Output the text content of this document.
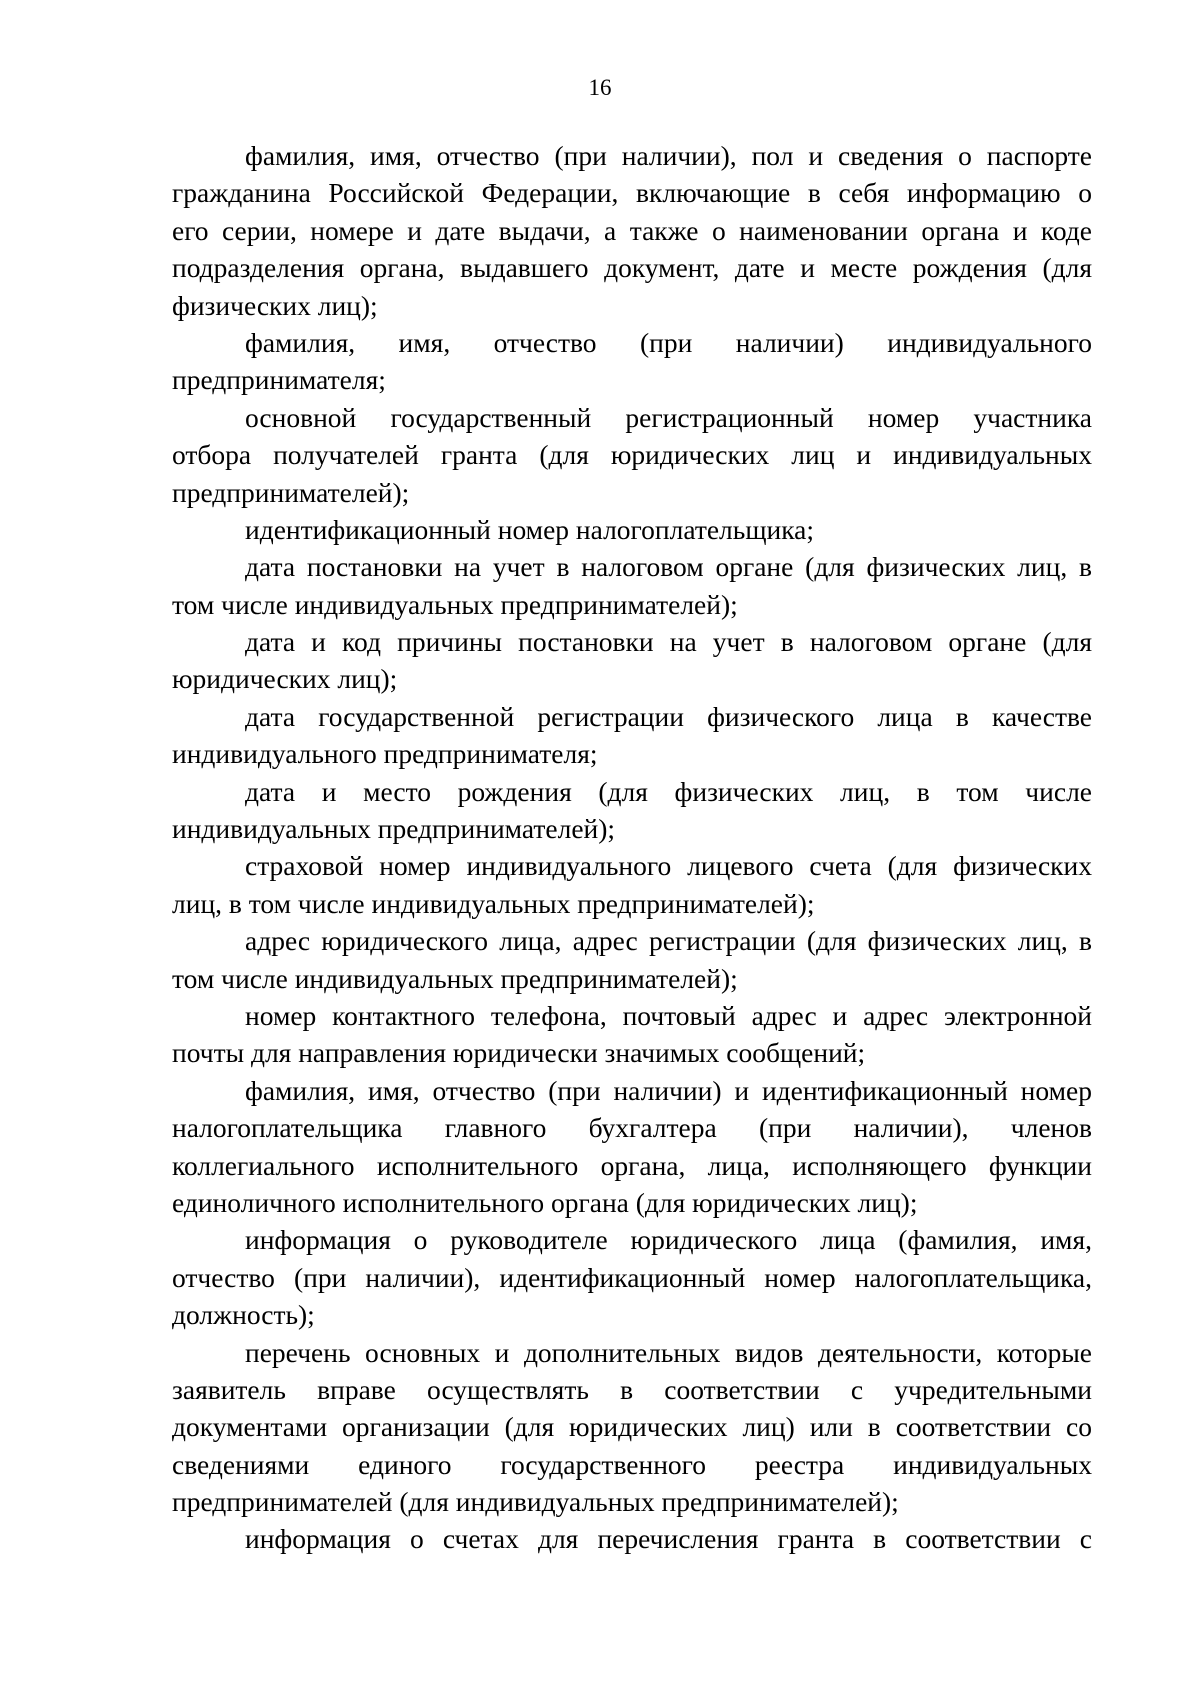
16
фамилия, имя, отчество (при наличии), пол и сведения о паспорте
гражданина Российской Федерации, включающие в себя информацию о
его серии, номере и дате выдачи, а также о наименовании органа и коде
подразделения органа, выдавшего документ, дате и месте рождения (для
физических лиц);
фамилия, имя, отчество (при наличии) индивидуального
предпринимателя;
основной государственный регистрационный номер участника
отбора получателей гранта (для юридических лиц и индивидуальных
предпринимателей);
идентификационный номер налогоплательщика;
дата постановки на учет в налоговом органе (для физических лиц, в
том числе индивидуальных предпринимателей);
дата и код причины постановки на учет в налоговом органе (для
юридических лиц);
дата государственной регистрации физического лица в качестве
индивидуального предпринимателя;
дата и место рождения (для физических лиц, в том числе
индивидуальных предпринимателей);
страховой номер индивидуального лицевого счета (для физических
лиц, в том числе индивидуальных предпринимателей);
адрес юридического лица, адрес регистрации (для физических лиц, в
том числе индивидуальных предпринимателей);
номер контактного телефона, почтовый адрес и адрес электронной
почты для направления юридически значимых сообщений;
фамилия, имя, отчество (при наличии) и идентификационный номер
налогоплательщика главного бухгалтера (при наличии), членов
коллегиального исполнительного органа, лица, исполняющего функции
единоличного исполнительного органа (для юридических лиц);
информация о руководителе юридического лица (фамилия, имя,
отчество (при наличии), идентификационный номер налогоплательщика,
должность);
перечень основных и дополнительных видов деятельности, которые
заявитель вправе осуществлять в соответствии с учредительными
документами организации (для юридических лиц) или в соответствии со
сведениями единого государственного реестра индивидуальных
предпринимателей (для индивидуальных предпринимателей);
информация о счетах для перечисления гранта в соответствии с
